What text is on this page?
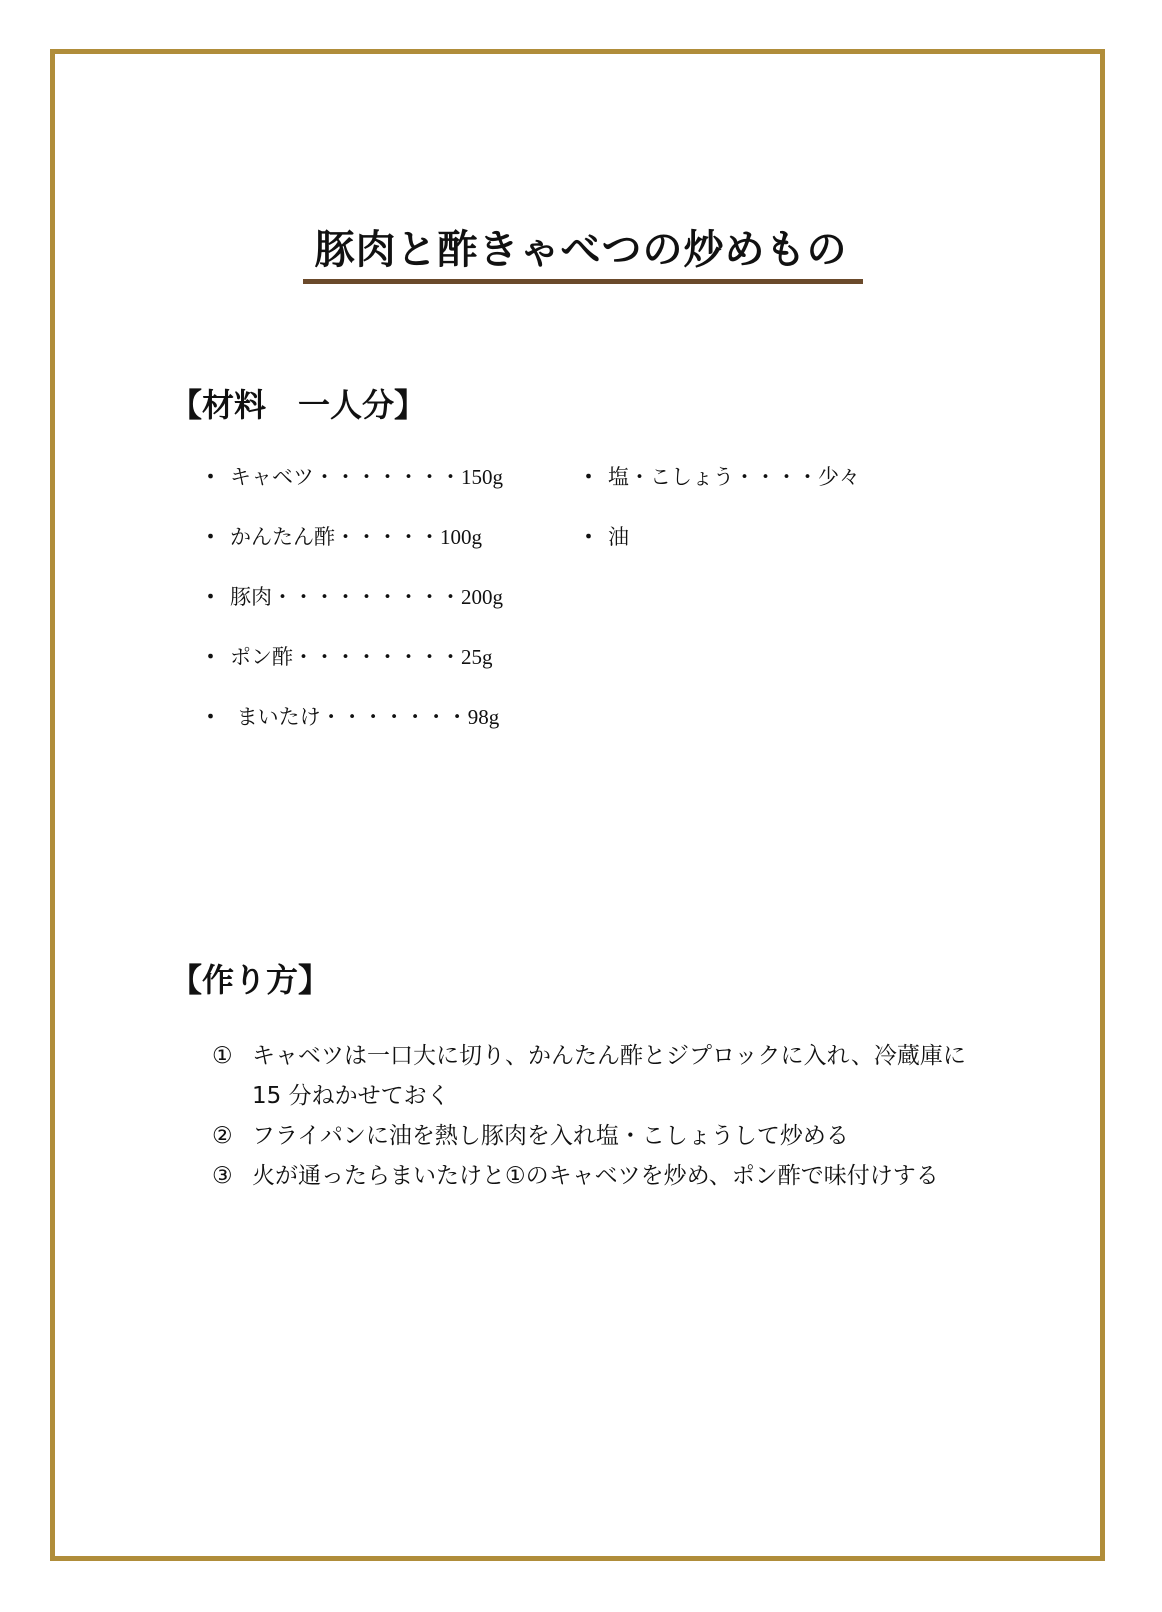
豚肉と酢きゃべつの炒めもの
【材料　一人分】
・ キャベツ・・・・・・・150g
・ かんたん酢・・・・・100g
・ 豚肉・・・・・・・・・200g
・ ポン酢・・・・・・・・25g
・ まいたけ・・・・・・・98g
・ 塩・こしょう・・・・少々
・ 油
【作り方】
① キャベツは一口大に切り、かんたん酢とジプロックに入れ、冷蔵庫に 15 分ねかせておく
② フライパンに油を熱し豚肉を入れ塩・こしょうして炒める
③ 火が通ったらまいたけと①のキャベツを炒め、ポン酢で味付けする
